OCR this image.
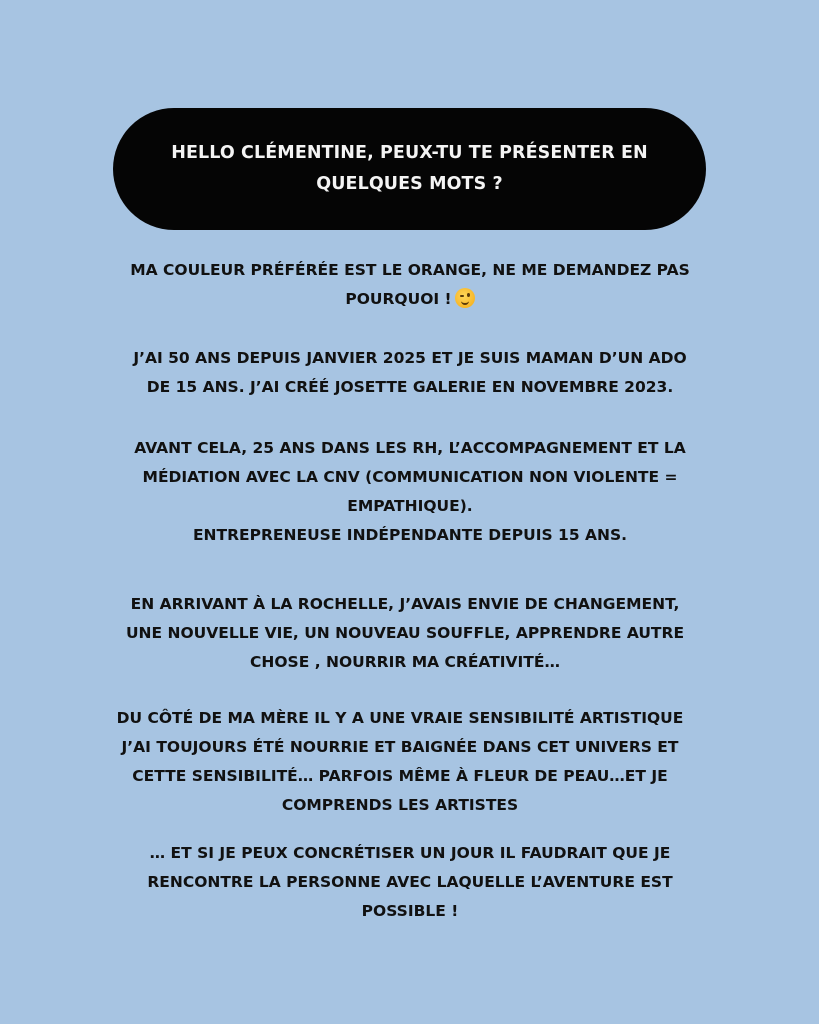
HELLO CLÉMENTINE, PEUX-TU TE PRÉSENTER EN
QUELQUES MOTS ?
MA COULEUR PRÉFÉRÉE EST LE ORANGE, NE ME DEMANDEZ PAS
POURQUOI !
J’AI 50 ANS DEPUIS JANVIER 2025 ET JE SUIS MAMAN D’UN ADO
DE 15 ANS. J’AI CRÉÉ JOSETTE GALERIE EN NOVEMBRE 2023.
AVANT CELA, 25 ANS DANS LES RH, L’ACCOMPAGNEMENT ET LA
MÉDIATION AVEC LA CNV (COMMUNICATION NON VIOLENTE =
EMPATHIQUE).
ENTREPRENEUSE INDÉPENDANTE DEPUIS 15 ANS.
EN ARRIVANT À LA ROCHELLE, J’AVAIS ENVIE DE CHANGEMENT,
UNE NOUVELLE VIE, UN NOUVEAU SOUFFLE, APPRENDRE AUTRE
CHOSE , NOURRIR MA CRÉATIVITÉ…
DU CÔTÉ DE MA MÈRE IL Y A UNE VRAIE SENSIBILITÉ ARTISTIQUE
J’AI TOUJOURS ÉTÉ NOURRIE ET BAIGNÉE DANS CET UNIVERS ET
CETTE SENSIBILITÉ… PARFOIS MÊME À FLEUR DE PEAU…ET JE
COMPRENDS LES ARTISTES
… ET SI JE PEUX CONCRÉTISER UN JOUR IL FAUDRAIT QUE JE
RENCONTRE LA PERSONNE AVEC LAQUELLE L’AVENTURE EST
POSSIBLE !
